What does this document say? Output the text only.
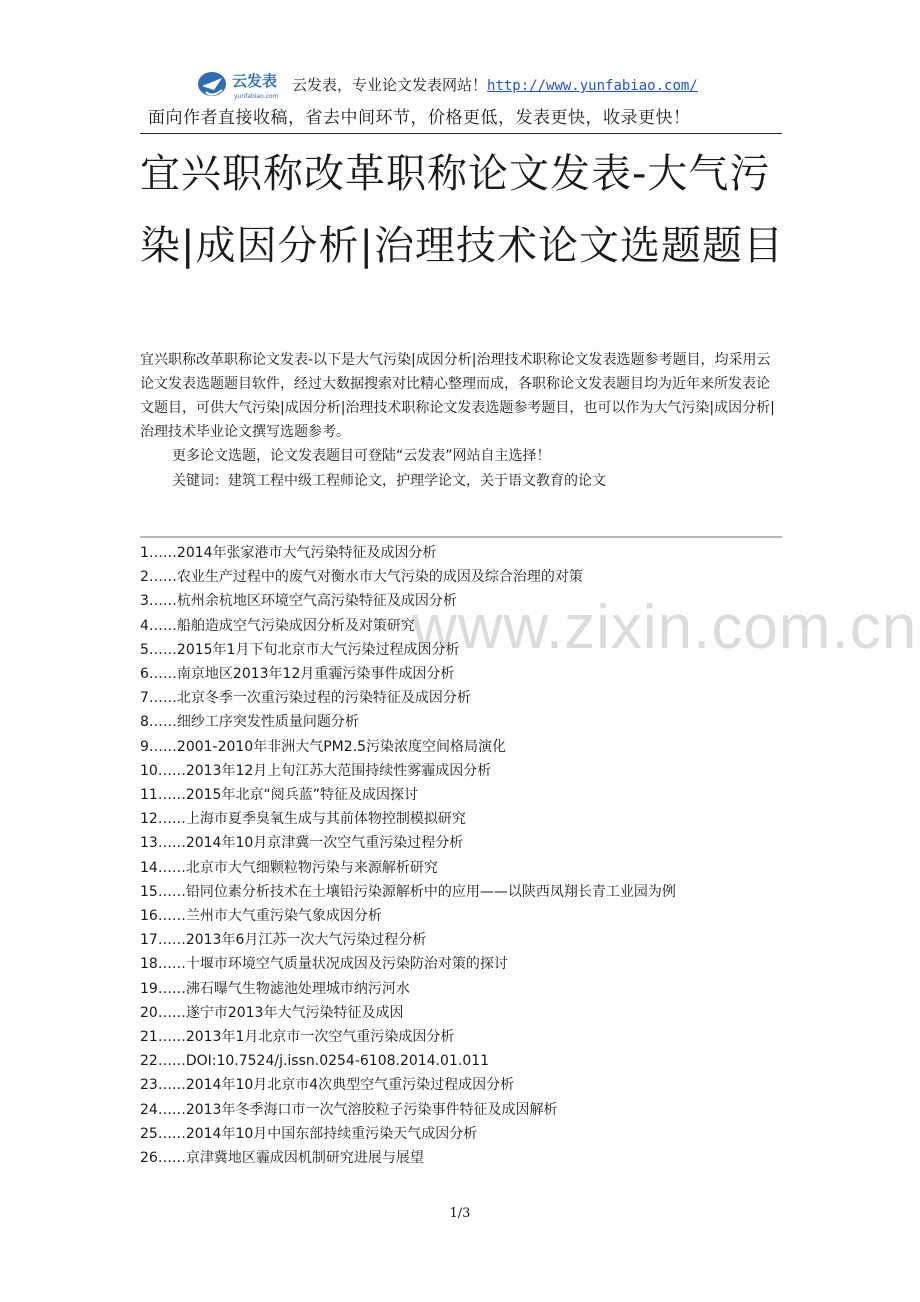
云发表
yunfabiao.com
云发表，专业论文发表网站！http://www.yunfabiao.com/
面向作者直接收稿，省去中间环节，价格更低，发表更快，收录更快！
宜兴职称改革职称论文发表-大气污染|成因分析|治理技术论文选题题目

宜兴职称改革职称论文发表-以下是大气污染|成因分析|治理技术职称论文发表选题参考题目，均采用云论文发表选题题目软件，经过大数据搜索对比精心整理而成，各职称论文发表题目均为近年来所发表论文题目，可供大气污染|成因分析|治理技术职称论文发表选题参考题目，也可以作为大气污染|成因分析|治理技术毕业论文撰写选题参考。

更多论文选题，论文发表题目可登陆“云发表”网站自主选择！
关键词：建筑工程中级工程师论文，护理学论文，关于语文教育的论文
www.zixin.com.cn
1……2014年张家港市大气污染特征及成因分析
2……农业生产过程中的废气对衡水市大气污染的成因及综合治理的对策
3……杭州余杭地区环境空气高污染特征及成因分析
4……船舶造成空气污染成因分析及对策研究
5……2015年1月下旬北京市大气污染过程成因分析
6……南京地区2013年12月重霾污染事件成因分析
7……北京冬季一次重污染过程的污染特征及成因分析
8……细纱工序突发性质量问题分析
9……2001-2010年非洲大气PM2.5污染浓度空间格局演化
10……2013年12月上旬江苏大范围持续性雾霾成因分析
11……2015年北京“阅兵蓝”特征及成因探讨
12……上海市夏季臭氧生成与其前体物控制模拟研究
13……2014年10月京津冀一次空气重污染过程分析
14……北京市大气细颗粒物污染与来源解析研究
15……铅同位素分析技术在土壤铅污染源解析中的应用——以陕西凤翔长青工业园为例
16……兰州市大气重污染气象成因分析
17……2013年6月江苏一次大气污染过程分析
18……十堰市环境空气质量状况成因及污染防治对策的探讨
19……沸石曝气生物滤池处理城市纳污河水
20……遂宁市2013年大气污染特征及成因
21……2013年1月北京市一次空气重污染成因分析
22……DOI:10.7524/j.issn.0254-6108.2014.01.011
23……2014年10月北京市4次典型空气重污染过程成因分析
24……2013年冬季海口市一次气溶胶粒子污染事件特征及成因解析
25……2014年10月中国东部持续重污染天气成因分析
26……京津冀地区霾成因机制研究进展与展望
1/3
